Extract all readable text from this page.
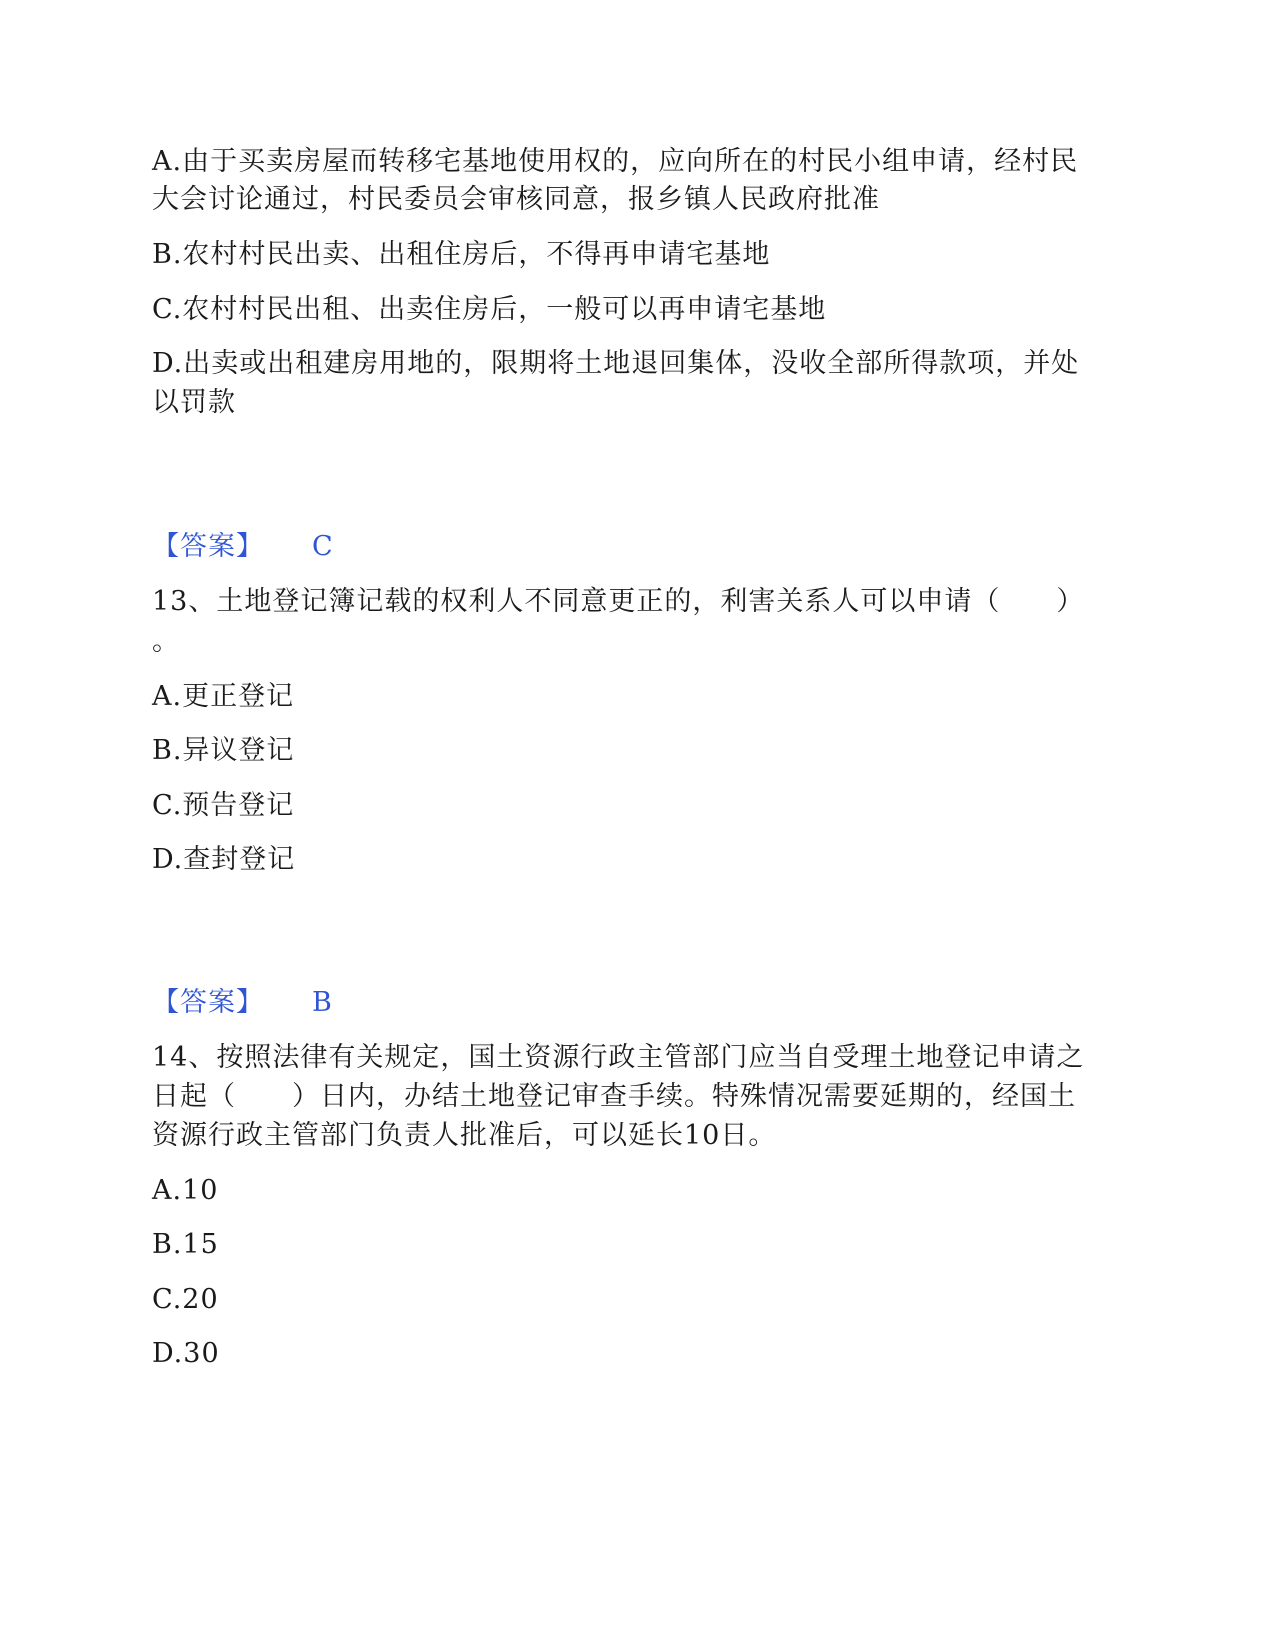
A.由于买卖房屋而转移宅基地使用权的，应向所在的村民小组申请，经村民
大会讨论通过，村民委员会审核同意，报乡镇人民政府批准
B.农村村民出卖、出租住房后，不得再申请宅基地
C.农村村民出租、出卖住房后，一般可以再申请宅基地
D.出卖或出租建房用地的，限期将土地退回集体，没收全部所得款项，并处
以罚款
【答案】 C
13、土地登记簿记载的权利人不同意更正的，利害关系人可以申请（　　）
。
A.更正登记
B.异议登记
C.预告登记
D.查封登记
【答案】 B
14、按照法律有关规定，国土资源行政主管部门应当自受理土地登记申请之
日起（　　）日内，办结土地登记审查手续。特殊情况需要延期的，经国土
资源行政主管部门负责人批准后，可以延长10日。
A.10
B.15
C.20
D.30
